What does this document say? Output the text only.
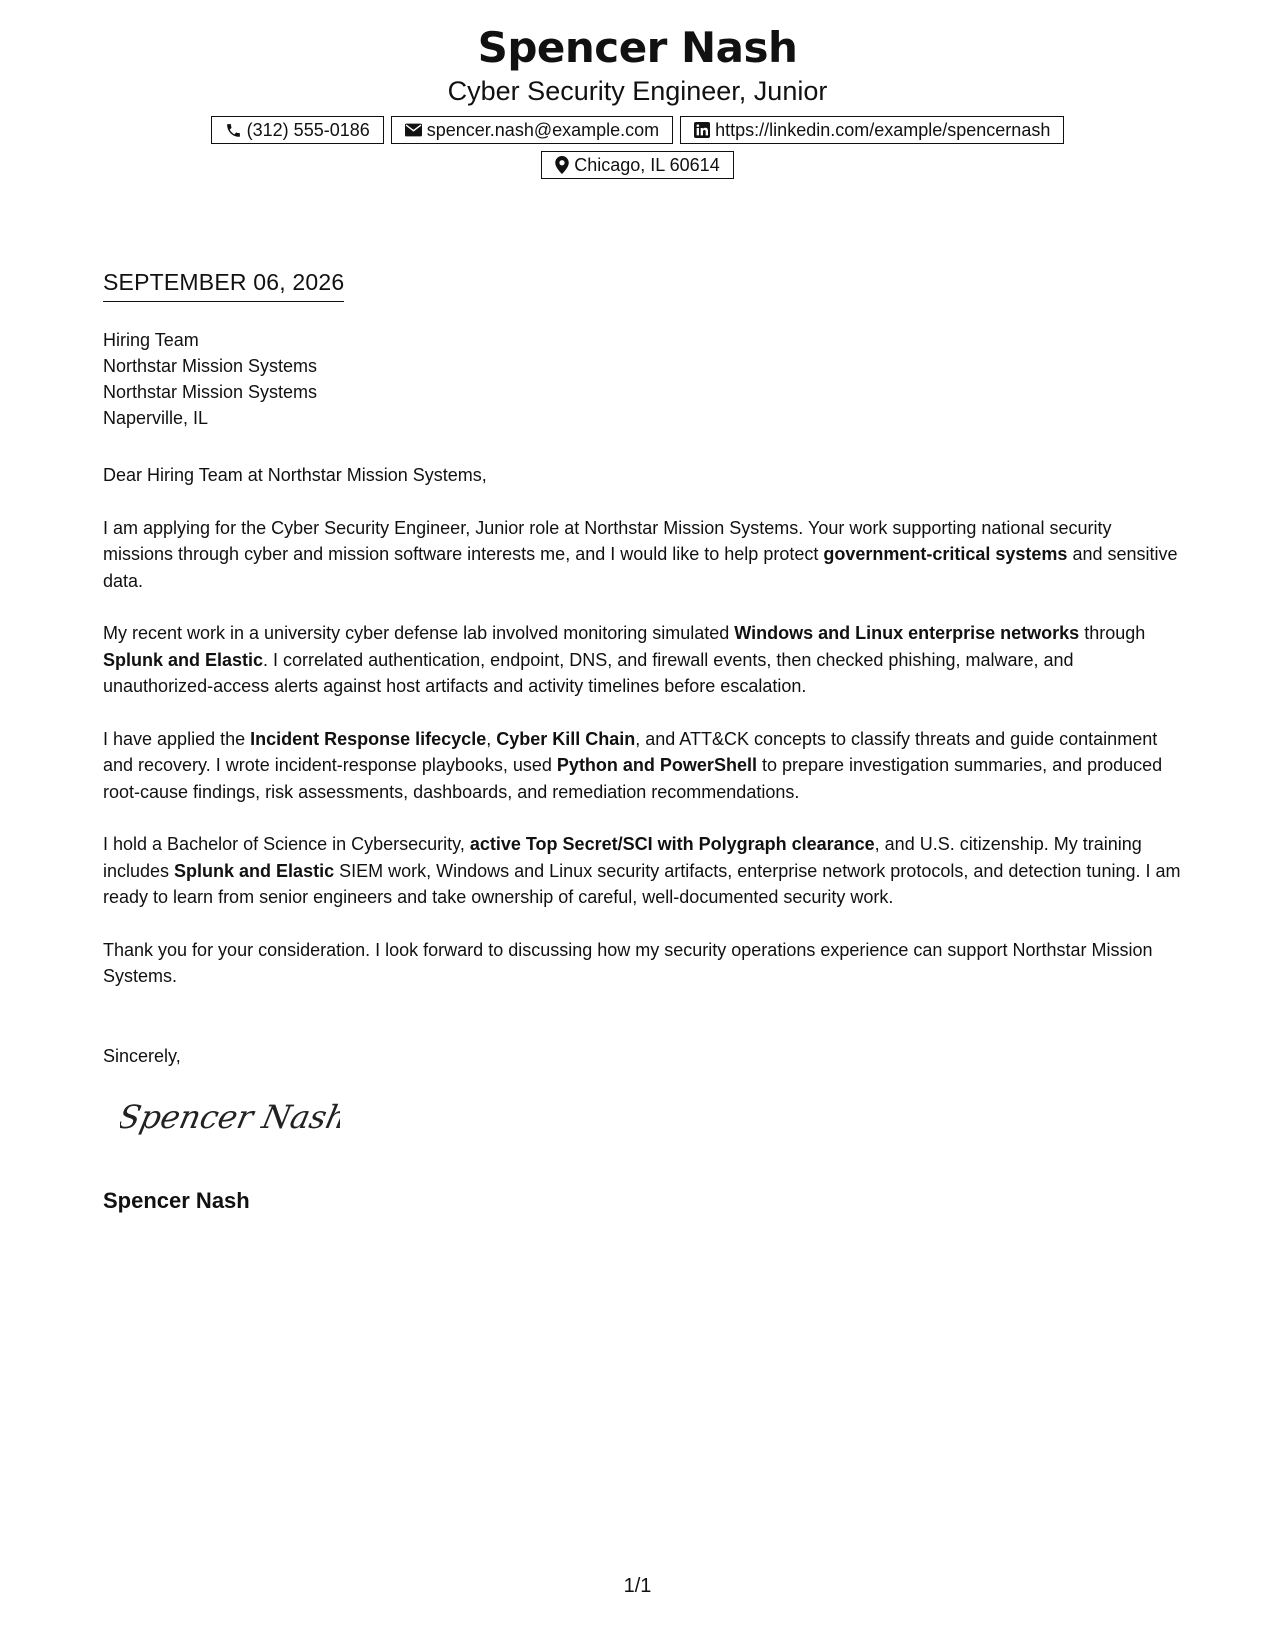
Spencer Nash
Cyber Security Engineer, Junior
(312) 555-0186	spencer.nash@example.com	https://linkedin.com/example/spencernash
Chicago, IL 60614
SEPTEMBER 06, 2026
Hiring Team
Northstar Mission Systems
Northstar Mission Systems
Naperville, IL

Dear Hiring Team at Northstar Mission Systems,

I am applying for the Cyber Security Engineer, Junior role at Northstar Mission Systems. Your work supporting national security missions through cyber and mission software interests me, and I would like to help protect government-critical systems and sensitive data.

My recent work in a university cyber defense lab involved monitoring simulated Windows and Linux enterprise networks through Splunk and Elastic. I correlated authentication, endpoint, DNS, and firewall events, then checked phishing, malware, and unauthorized-access alerts against host artifacts and activity timelines before escalation.

I have applied the Incident Response lifecycle, Cyber Kill Chain, and ATT&CK concepts to classify threats and guide containment and recovery. I wrote incident-response playbooks, used Python and PowerShell to prepare investigation summaries, and produced root-cause findings, risk assessments, dashboards, and remediation recommendations.

I hold a Bachelor of Science in Cybersecurity, active Top Secret/SCI with Polygraph clearance, and U.S. citizenship. My training includes Splunk and Elastic SIEM work, Windows and Linux security artifacts, enterprise network protocols, and detection tuning. I am ready to learn from senior engineers and take ownership of careful, well-documented security work.

Thank you for your consideration. I look forward to discussing how my security operations experience can support Northstar Mission Systems.

Sincerely,
Spencer Nash
Spencer Nash
1/1
